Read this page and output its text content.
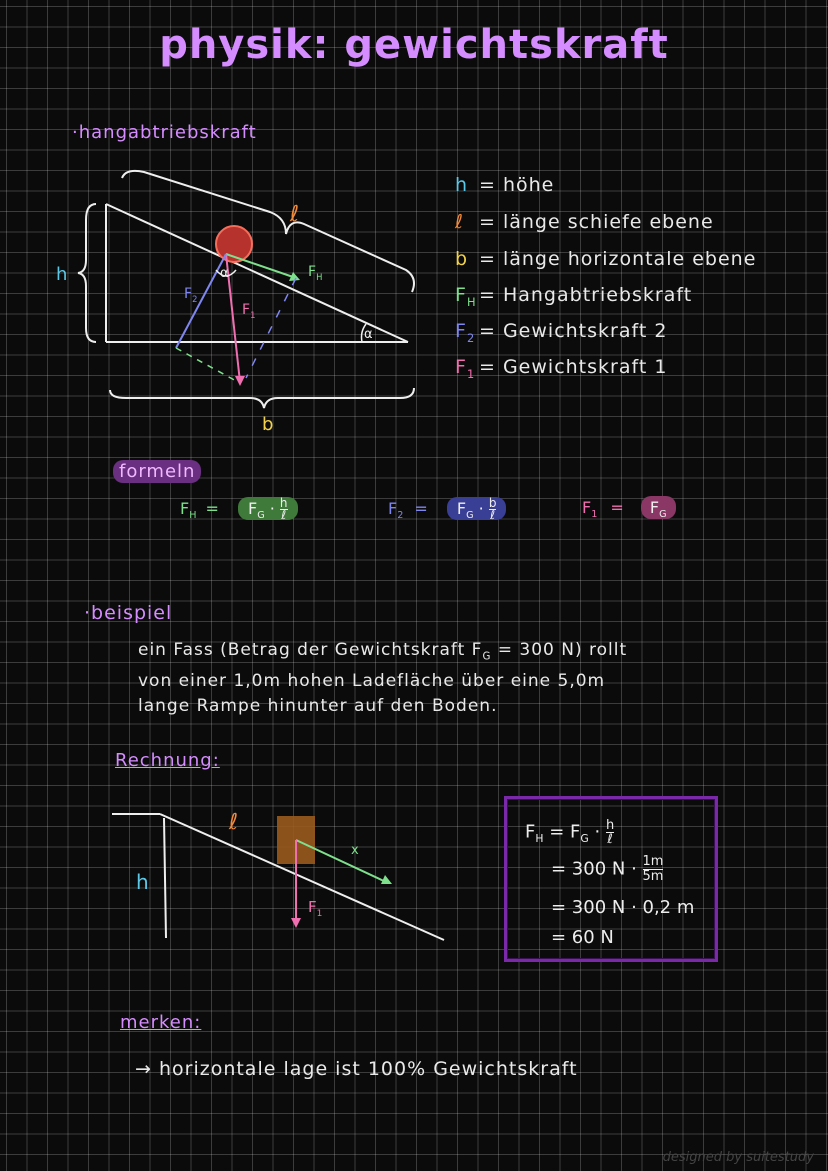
physik: gewichtskraft
·hangabtriebskraft
h
ℓ
b
α
α
$F_H$
$F_2$
$F_1$
h = höhe
ℓ = länge schiefe ebene
b = länge horizontale ebene
$F_H$ = Hangabtriebskraft
$F_2$ = Gewichtskraft 2
$F_1$ = Gewichtskraft 1
formeln
$F_H = F_G \cdot h$
ℓ	$F_2 = F_G \cdot b$
ℓ	$F_1 = F_G$
·beispiel
ein Fass (Betrag der Gewichtskraft $F_G = 300$ N) rollt
von einer 1,0m hohen Ladefläche über eine 5,0m
lange Rampe hinunter auf den Boden.
Rechnung:
ℓ
h
x
$F_1$
$F_H = F_G \cdot h$
ℓ
= 300 $N \cdot \frac{1m}{5m}$
= 300 N · 0,2 m
= 60 N
merken:
→ horizontale lage ist 100% Gewichtskraft
designed by suitestudy
